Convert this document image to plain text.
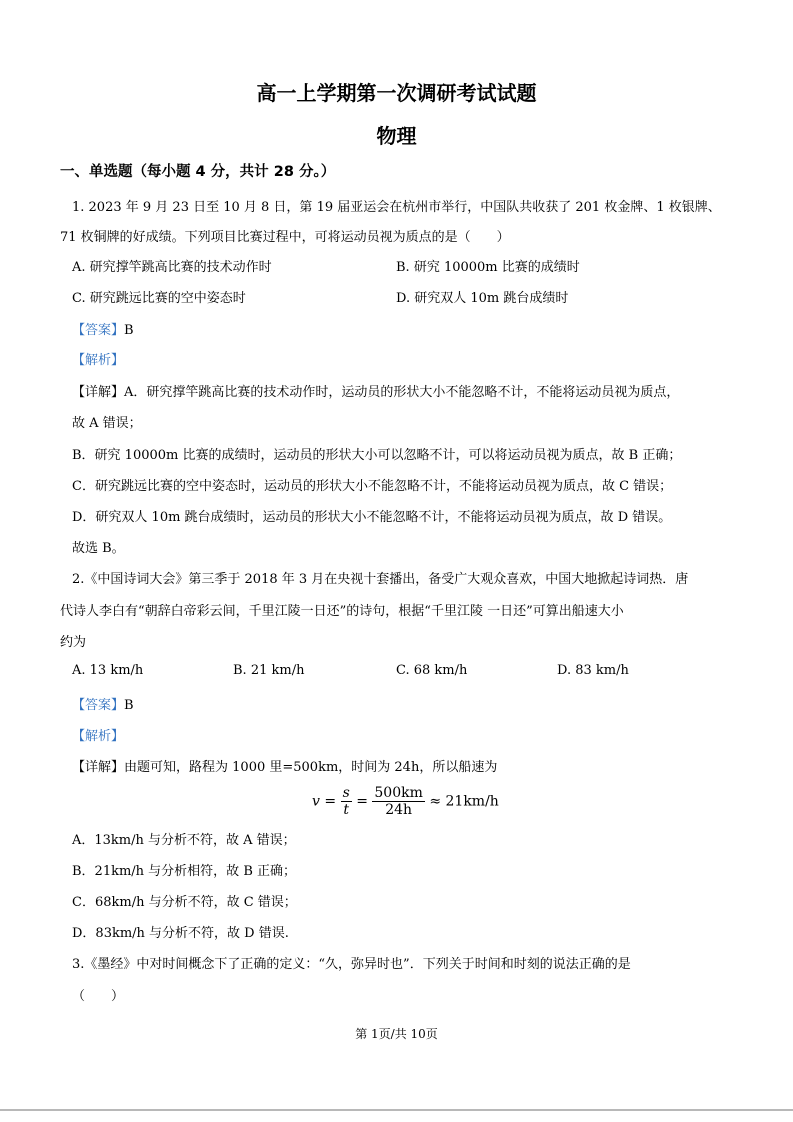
高一上学期第一次调研考试试题
物理
一、单选题（每小题 4 分，共计 28 分。）
1. 2023 年 9 月 23 日至 10 月 8 日，第 19 届亚运会在杭州市举行，中国队共收获了 201 枚金牌、1 枚银牌、
71 枚铜牌的好成绩。下列项目比赛过程中，可将运动员视为质点的是（　　）
A. 研究撑竿跳高比赛的技术动作时	B. 研究 10000m 比赛的成绩时
C. 研究跳远比赛的空中姿态时	D. 研究双人 10m 跳台成绩时
【答案】B
【解析】
【详解】A．研究撑竿跳高比赛的技术动作时，运动员的形状大小不能忽略不计，不能将运动员视为质点，
故 A 错误；
B．研究 10000m 比赛的成绩时，运动员的形状大小可以忽略不计，可以将运动员视为质点，故 B 正确；
C．研究跳远比赛的空中姿态时，运动员的形状大小不能忽略不计，不能将运动员视为质点，故 C 错误；
D．研究双人 10m 跳台成绩时，运动员的形状大小不能忽略不计，不能将运动员视为质点，故 D 错误。
故选 B。
2.《中国诗词大会》第三季于 2018 年 3 月在央视十套播出，备受广大观众喜欢，中国大地掀起诗词热．唐
代诗人李白有“朝辞白帝彩云间，千里江陵一日还”的诗句，根据“千里江陵 一日还”可算出船速大小
约为
A. 13 km/h	B. 21 km/h	C. 68 km/h	D. 83 km/h
【答案】B
【解析】
【详解】由题可知，路程为 1000 里=500km，时间为 24h，所以船速为
$v = \frac{s}{t} = \frac{500km}{24h} \approx 21km/h$
A．13km/h 与分析不符，故 A 错误；
B．21km/h 与分析相符，故 B 正确；
C．68km/h 与分析不符，故 C 错误；
D．83km/h 与分析不符，故 D 错误.
3.《墨经》中对时间概念下了正确的定义：“久，弥异时也”．下列关于时间和时刻的说法正确的是
（　　）
第 1页/共 10页
